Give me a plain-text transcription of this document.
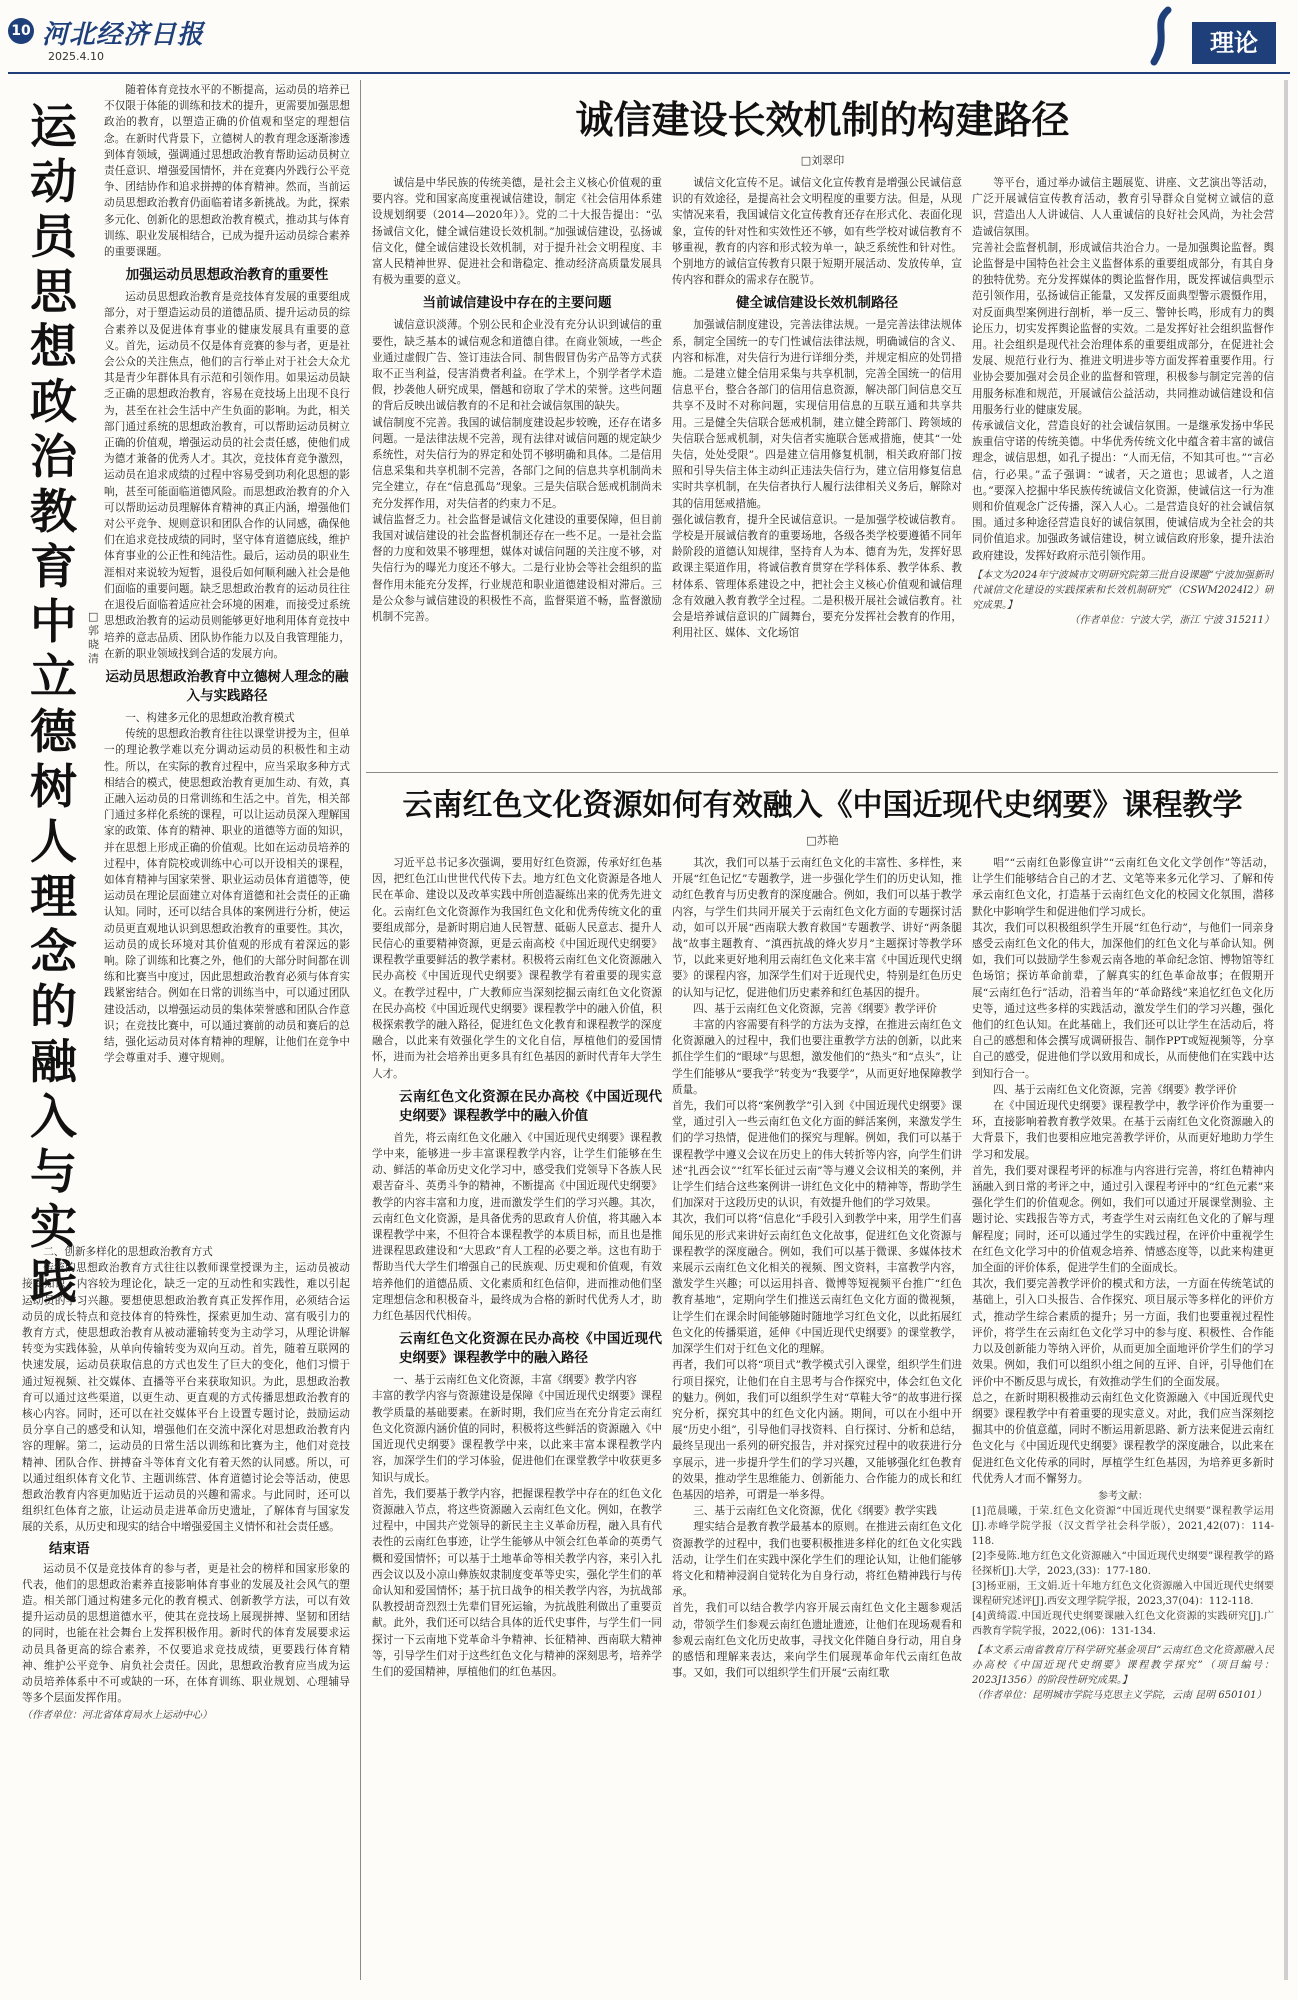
10 河北经济日报
2025.4.10	理论
运动员思想政治教育中立德树人理念的融入与实践
□郭晓清

随着体育竞技水平的不断提高，运动员的培养已不仅限于体能的训练和技术的提升，更需要加强思想政治的教育，以塑造正确的价值观和坚定的理想信念。在新时代背景下，立德树人的教育理念逐渐渗透到体育领域，强调通过思想政治教育帮助运动员树立责任意识、增强爱国情怀，并在竞赛内外践行公平竞争、团结协作和追求拼搏的体育精神。然而，当前运动员思想政治教育仍面临着诸多新挑战。为此，探索多元化、创新化的思想政治教育模式，推动其与体育训练、职业发展相结合，已成为提升运动员综合素养的重要课题。

加强运动员思想政治教育的重要性

运动员思想政治教育是竞技体育发展的重要组成部分，对于塑造运动员的道德品质、提升运动员的综合素养以及促进体育事业的健康发展具有重要的意义。首先，运动员不仅是体育竞赛的参与者，更是社会公众的关注焦点，他们的言行举止对于社会大众尤其是青少年群体具有示范和引领作用。如果运动员缺乏正确的思想政治教育，容易在竞技场上出现不良行为，甚至在社会生活中产生负面的影响。为此，相关部门通过系统的思想政治教育，可以帮助运动员树立正确的价值观，增强运动员的社会责任感，使他们成为德才兼备的优秀人才。其次，竞技体育竞争激烈，运动员在追求成绩的过程中容易受到功利化思想的影响，甚至可能面临道德风险。而思想政治教育的介入可以帮助运动员理解体育精神的真正内涵，增强他们对公平竞争、规则意识和团队合作的认同感，确保他们在追求竞技成绩的同时，坚守体育道德底线，维护体育事业的公正性和纯洁性。最后，运动员的职业生涯相对来说较为短暂，退役后如何顺利融入社会是他们面临的重要问题。缺乏思想政治教育的运动员往往在退役后面临着适应社会环境的困难，而接受过系统思想政治教育的运动员则能够更好地利用体育竞技中培养的意志品质、团队协作能力以及自我管理能力，在新的职业领域找到合适的发展方向。

运动员思想政治教育中立德树人理念的融入与实践路径

一、构建多元化的思想政治教育模式

传统的思想政治教育往往以课堂讲授为主，但单一的理论教学难以充分调动运动员的积极性和主动性。所以，在实际的教育过程中，应当采取多种方式相结合的模式，使思想政治教育更加生动、有效，真正融入运动员的日常训练和生活之中。首先，相关部门通过多样化系统的课程，可以让运动员深入理解国家的政策、体育的精神、职业的道德等方面的知识，并在思想上形成正确的价值观。比如在运动员培养的过程中，体育院校或训练中心可以开设相关的课程，如体育精神与国家荣誉、职业运动员体育道德等，使运动员在理论层面建立对体育道德和社会责任的正确认知。同时，还可以结合具体的案例进行分析，使运动员更直观地认识到思想政治教育的重要性。其次，运动员的成长环境对其价值观的形成有着深远的影响。除了训练和比赛之外，他们的大部分时间都在训练和比赛当中度过，因此思想政治教育必须与体育实践紧密结合。例如在日常的训练当中，可以通过团队建设活动，以增强运动员的集体荣誉感和团队合作意识；在竞技比赛中，可以通过赛前的动员和赛后的总结，强化运动员对体育精神的理解，让他们在竞争中学会尊重对手、遵守规则。

二、创新多样化的思想政治教育方式

传统的思想政治教育方式往往以教师课堂授课为主，运动员被动接受知识，内容较为理论化，缺乏一定的互动性和实践性，难以引起运动员的学习兴趣。要想使思想政治教育真正发挥作用，必须结合运动员的成长特点和竞技体育的特殊性，探索更加生动、富有吸引力的教育方式，使思想政治教育从被动灌输转变为主动学习，从理论讲解转变为实践体验，从单向传输转变为双向互动。首先，随着互联网的快速发展，运动员获取信息的方式也发生了巨大的变化，他们习惯于通过短视频、社交媒体、直播等平台来获取知识。为此，思想政治教育可以通过这些渠道，以更生动、更直观的方式传播思想政治教育的核心内容。同时，还可以在社交媒体平台上设置专题讨论，鼓励运动员分享自己的感受和认知，增强他们在交流中深化对思想政治教育内容的理解。第二，运动员的日常生活以训练和比赛为主，他们对竞技精神、团队合作、拼搏奋斗等体育文化有着天然的认同感。所以，可以通过组织体育文化节、主题训练营、体育道德讨论会等活动，使思想政治教育内容更加贴近于运动员的兴趣和需求。与此同时，还可以组织红色体育之旅，让运动员走进革命历史遗址，了解体育与国家发展的关系，从历史和现实的结合中增强爱国主义情怀和社会责任感。

结束语

运动员不仅是竞技体育的参与者，更是社会的榜样和国家形象的代表，他们的思想政治素养直接影响体育事业的发展及社会风气的塑造。相关部门通过构建多元化的教育模式、创新教学方法，可以有效提升运动员的思想道德水平，使其在竞技场上展现拼搏、坚韧和团结的同时，也能在社会舞台上发挥积极作用。新时代的体育发展要求运动员具备更高的综合素养，不仅要追求竞技成绩，更要践行体育精神、维护公平竞争、肩负社会责任。因此，思想政治教育应当成为运动员培养体系中不可或缺的一环，在体育训练、职业规划、心理辅导等多个层面发挥作用。

（作者单位：河北省体育局水上运动中心）
诚信建设长效机制的构建路径
□刘翠印

诚信是中华民族的传统美德，是社会主义核心价值观的重要内容。党和国家高度重视诚信建设，制定《社会信用体系建设规划纲要（2014—2020年）》。党的二十大报告提出：“弘扬诚信文化，健全诚信建设长效机制。”加强诚信建设，弘扬诚信文化，健全诚信建设长效机制，对于提升社会文明程度、丰富人民精神世界、促进社会和谐稳定、推动经济高质量发展具有极为重要的意义。

当前诚信建设中存在的主要问题

诚信意识淡薄。个别公民和企业没有充分认识到诚信的重要性，缺乏基本的诚信观念和道德自律。在商业领域，一些企业通过虚假广告、签订违法合同、制售假冒伪劣产品等方式获取不正当利益，侵害消费者利益。在学术上，个别学者学术造假，抄袭他人研究成果，僭越和窃取了学术的荣誉。这些问题的背后反映出诚信教育的不足和社会诚信氛围的缺失。
诚信制度不完善。我国的诚信制度建设起步较晚，还存在诸多问题。一是法律法规不完善，现有法律对诚信问题的规定缺少系统性，对失信行为的界定和处罚不够明确和具体。二是信用信息采集和共享机制不完善，各部门之间的信息共享机制尚未完全建立，存在“信息孤岛”现象。三是失信联合惩戒机制尚未充分发挥作用，对失信者的约束力不足。
诚信监督乏力。社会监督是诚信文化建设的重要保障，但目前我国对诚信建设的社会监督机制还存在一些不足。一是社会监督的力度和效果不够理想，媒体对诚信问题的关注度不够，对失信行为的曝光力度还不够大。二是行业协会等社会组织的监督作用未能充分发挥，行业规范和职业道德建设相对滞后。三是公众参与诚信建设的积极性不高，监督渠道不畅，监督激励机制不完善。

诚信文化宣传不足。诚信文化宣传教育是增强公民诚信意识的有效途径，是提高社会文明程度的重要方法。但是，从现实情况来看，我国诚信文化宣传教育还存在形式化、表面化现象，宣传的针对性和实效性还不够，如有些学校对诚信教育不够重视，教育的内容和形式较为单一，缺乏系统性和针对性。个别地方的诚信宣传教育只限于短期开展活动、发放传单，宣传内容和群众的需求存在脱节。

健全诚信建设长效机制路径

加强诚信制度建设，完善法律法规。一是完善法律法规体系，制定全国统一的专门性诚信法律法规，明确诚信的含义、内容和标准，对失信行为进行详细分类，并规定相应的处罚措施。二是建立健全信用采集与共享机制，完善全国统一的信用信息平台，整合各部门的信用信息资源，解决部门间信息交互共享不及时不对称问题，实现信用信息的互联互通和共享共用。三是健全失信联合惩戒机制，建立健全跨部门、跨领域的失信联合惩戒机制，对失信者实施联合惩戒措施，使其“一处失信，处处受限”。四是建立信用修复机制，相关政府部门按照和引导失信主体主动纠正违法失信行为，建立信用修复信息实时共享机制，在失信者执行人履行法律相关义务后，解除对其的信用惩戒措施。
强化诚信教育，提升全民诚信意识。一是加强学校诚信教育。学校是开展诚信教育的重要场地，各级各类学校要遵循不同年龄阶段的道德认知规律，坚持育人为本、德育为先，发挥好思政课主渠道作用，将诚信教育贯穿在学科体系、教学体系、教材体系、管理体系建设之中，把社会主义核心价值观和诚信理念有效融入教育教学全过程。二是积极开展社会诚信教育。社会是培养诚信意识的广阔舞台，要充分发挥社会教育的作用，利用社区、媒体、文化场馆

等平台，通过举办诚信主题展览、讲座、文艺演出等活动，广泛开展诚信宣传教育活动，教育引导群众自觉树立诚信的意识，营造出人人讲诚信、人人重诚信的良好社会风尚，为社会营造诚信氛围。
完善社会监督机制，形成诚信共治合力。一是加强舆论监督。舆论监督是中国特色社会主义监督体系的重要组成部分，有其自身的独特优势。充分发挥媒体的舆论监督作用，既发挥诚信典型示范引领作用，弘扬诚信正能量，又发挥反面典型警示震慑作用，对反面典型案例进行剖析，举一反三、警钟长鸣，形成有力的舆论压力，切实发挥舆论监督的实效。二是发挥好社会组织监督作用。社会组织是现代社会治理体系的重要组成部分，在促进社会发展、规范行业行为、推进文明进步等方面发挥着重要作用。行业协会要加强对会员企业的监督和管理，积极参与制定完善的信用服务标准和规范，开展诚信公益活动，共同推动诚信建设和信用服务行业的健康发展。
传承诚信文化，营造良好的社会诚信氛围。一是继承发扬中华民族重信守诺的传统美德。中华优秀传统文化中蕴含着丰富的诚信理念，诚信思想，如孔子提出：“人而无信，不知其可也。”“言必信，行必果。”孟子强调：“诚者，天之道也；思诚者，人之道也。”要深入挖掘中华民族传统诚信文化资源，使诚信这一行为准则和价值观念广泛传播，深入人心。二是营造良好的社会诚信氛围。通过多种途径营造良好的诚信氛围，使诚信成为全社会的共同价值追求。加强政务诚信建设，树立诚信政府形象，提升法治政府建设，发挥好政府示范引领作用。

【本文为2024年宁波城市文明研究院第三批自设课题“宁波加强新时代诚信文化建设的实践探索和长效机制研究”（CSWM2024I2）研究成果。】
（作者单位：宁波大学，浙江 宁波 315211）
云南红色文化资源如何有效融入《中国近现代史纲要》课程教学
□苏艳

习近平总书记多次强调，要用好红色资源，传承好红色基因，把红色江山世世代代传下去。地方红色文化资源是各地人民在革命、建设以及改革实践中所创造凝练出来的优秀先进文化。云南红色文化资源作为我国红色文化和优秀传统文化的重要组成部分，是新时期启迪人民智慧、砥砺人民意志、提升人民信心的重要精神资源，更是云南高校《中国近现代史纲要》课程教学重要鲜活的教学素材。积极将云南红色文化资源融入民办高校《中国近现代史纲要》课程教学有着重要的现实意义。在教学过程中，广大教师应当深刻挖掘云南红色文化资源在民办高校《中国近现代史纲要》课程教学中的融入价值，积极探索教学的融入路径，促进红色文化教育和课程教学的深度融合，以此来有效强化学生的文化自信，厚植他们的爱国情怀，进而为社会培养出更多具有红色基因的新时代青年大学生人才。

云南红色文化资源在民办高校《中国近现代史纲要》课程教学中的融入价值

首先，将云南红色文化融入《中国近现代史纲要》课程教学中来，能够进一步丰富课程教学内容，让学生们能够在生动、鲜活的革命历史文化学习中，感受我们党领导下各族人民艰苦奋斗、英勇斗争的精神，不断提高《中国近现代史纲要》教学的内容丰富和力度，进而激发学生们的学习兴趣。其次，云南红色文化资源，是具备优秀的思政育人价值，将其融入本课程教学中来，不但符合本课程教学的本质目标，而且也是推进课程思政建设和“大思政”育人工程的必要之举。这也有助于帮助当代大学生们增强自己的民族观、历史观和价值观，有效培养他们的道德品质、文化素质和红色信仰，进而推动他们坚定理想信念和积极奋斗，最终成为合格的新时代优秀人才，助力红色基因代代相传。

云南红色文化资源在民办高校《中国近现代史纲要》课程教学中的融入路径

一、基于云南红色文化资源，丰富《纲要》教学内容
丰富的教学内容与资源建设是保障《中国近现代史纲要》课程教学质量的基础要素。在新时期，我们应当在充分肯定云南红色文化资源内涵价值的同时，积极将这些鲜活的资源融入《中国近现代史纲要》课程教学中来，以此来丰富本课程教学内容，加深学生们的学习体验，促进他们在课堂教学中收获更多知识与成长。
首先，我们要基于教学内容，把握课程教学中存在的红色文化资源融入节点，将这些资源融入云南红色文化。例如，在教学过程中，中国共产党领导的新民主主义革命历程，融入具有代表性的云南红色事迹，让学生能够从中领会红色革命的英勇气概和爱国情怀；可以基于土地革命等相关教学内容，来引入扎西会议以及小凉山彝族奴隶制度变革等史实，强化学生们的革命认知和爱国情怀；基于抗日战争的相关教学内容，为抗战部队教授胡奇烈烈士先辈们冒死运输，为抗战胜利做出了重要贡献。此外，我们还可以结合具体的近代史事件，与学生们一同探讨一下云南地下党革命斗争精神、长征精神、西南联大精神等，引导学生们对于这些红色文化与精神的深刻思考，培养学生们的爱国精神，厚植他们的红色基因。

其次，我们可以基于云南红色文化的丰富性、多样性，来开展“红色记忆”专题教学，进一步强化学生们的历史认知，推动红色教育与历史教育的深度融合。例如，我们可以基于教学内容，与学生们共同开展关于云南红色文化方面的专题探讨活动，如可以开展“西南联大教育救国”专题教学、讲好“两条腿战”故事主题教育、“滇西抗战的烽火岁月”主题探讨等教学环节，以此来更好地利用云南红色文化来丰富《中国近现代史纲要》的课程内容，加深学生们对于近现代史，特别是红色历史的认知与记忆，促进他们历史素养和红色基因的提升。

四、基于云南红色文化资源，完善《纲要》教学评价

丰富的内容需要有科学的方法为支撑，在推进云南红色文化资源融入的过程中，我们也要注重教学方法的创新，以此来抓住学生们的“眼球”与思想，激发他们的“热头”和“点头”，让学生们能够从“要我学”转变为“我要学”，从而更好地保障教学质量。
首先，我们可以将“案例教学”引入到《中国近现代史纲要》课堂，通过引入一些云南红色文化方面的鲜活案例，来激发学生们的学习热情，促进他们的探究与理解。例如，我们可以基于课程教学中遵义会议在历史上的伟大转折等内容，向学生们讲述“扎西会议”“红军长征过云南”等与遵义会议相关的案例，并让学生们结合这些案例讲一讲红色文化中的精神等，帮助学生们加深对于这段历史的认识，有效提升他们的学习效果。
其次，我们可以将“信息化”手段引入到教学中来，用学生们喜闻乐见的形式来讲好云南红色文化故事，促进红色文化资源与课程教学的深度融合。例如，我们可以基于微课、多媒体技术来展示云南红色文化相关的视频、图文资料，丰富教学内容，激发学生兴趣；可以运用抖音、微博等短视频平台推广“红色教育基地”，定期向学生们推送云南红色文化方面的微视频，让学生们在课余时间能够随时随地学习红色文化，以此拓展红色文化的传播渠道，延伸《中国近现代史纲要》的课堂教学，加深学生们对于红色文化的理解。
再者，我们可以将“项目式”教学模式引入课堂，组织学生们进行项目探究，让他们在自主思考与合作探究中，体会红色文化的魅力。例如，我们可以组织学生对“草鞋大爷”的故事进行探究分析，探究其中的红色文化内涵。期间，可以在小组中开展“历史小组”，引导他们寻找资料、自行探讨、分析和总结，最终呈现出一系列的研究报告，并对探究过程中的收获进行分享展示，进一步提升学生们的学习兴趣，又能够强化红色教育的效果，推动学生思维能力、创新能力、合作能力的成长和红色基因的培养，可谓是一举多得。

三、基于云南红色文化资源，优化《纲要》教学实践

理实结合是教育教学最基本的原则。在推进云南红色文化资源教学的过程中，我们也要积极推进多样化的红色文化实践活动，让学生们在实践中深化学生们的理论认知，让他们能够将文化和精神浸润自觉转化为自身行动，将红色精神践行与传承。
首先，我们可以结合教学内容开展云南红色文化主题参观活动，带领学生们参观云南红色遗址遗迹，让他们在现场观看和参观云南红色文化历史故事，寻找文化伴随自身行动，用自身的感悟和理解来表达，来向学生们展现革命年代云南红色故事。又如，我们可以组织学生们开展“云南红歌

唱”“云南红色影像宣讲”“云南红色文化文学创作”等活动，让学生们能够结合自己的才艺、文笔等来多元化学习、了解和传承云南红色文化，打造基于云南红色文化的校园文化氛围，潜移默化中影响学生和促进他们学习成长。
其次，我们可以积极组织学生开展“红色行动”，与他们一同亲身感受云南红色文化的伟大，加深他们的红色文化与革命认知。例如，我们可以鼓励学生参观云南各地的革命纪念馆、博物馆等红色场馆；探访革命前辈，了解真实的红色革命故事；在假期开展“云南红色行”活动，沿着当年的“革命路线”来追忆红色文化历史等，通过这些多样的实践活动，激发学生们的学习兴趣，强化他们的红色认知。在此基础上，我们还可以让学生在活动后，将自己的感想和体会撰写成调研报告、制作PPT或短视频等，分享自己的感受，促进他们学以致用和成长，从而使他们在实践中达到知行合一。

四、基于云南红色文化资源，完善《纲要》教学评价

在《中国近现代史纲要》课程教学中，教学评价作为重要一环，直接影响着教育教学效果。在基于云南红色文化资源融入的大背景下，我们也要相应地完善教学评价，从而更好地助力学生学习和发展。
首先，我们要对课程考评的标准与内容进行完善，将红色精神内涵融入到日常的考评之中，通过引入课程考评中的“红色元素”来强化学生们的价值观念。例如，我们可以通过开展课堂测验、主题讨论、实践报告等方式，考查学生对云南红色文化的了解与理解程度；同时，还可以通过学生的实践过程，在评价中重视学生在红色文化学习中的价值观念培养、情感态度等，以此来构建更加全面的评价体系，促进学生们的全面成长。
其次，我们要完善教学评价的模式和方法，一方面在传统笔试的基础上，引入口头报告、合作探究、项目展示等多样化的评价方式，推动学生综合素质的提升；另一方面，我们也要重视过程性评价，将学生在云南红色文化学习中的参与度、积极性、合作能力以及创新能力等纳入评价，从而更加全面地评价学生们的学习效果。例如，我们可以组织小组之间的互评、自评，引导他们在评价中不断反思与成长，有效推动学生们的全面发展。
总之，在新时期积极推动云南红色文化资源融入《中国近现代史纲要》课程教学中有着重要的现实意义。对此，我们应当深刻挖掘其中的价值意蕴，同时不断运用新思路、新方法来促进云南红色文化与《中国近现代史纲要》课程教学的深度融合，以此来在促进红色文化传承的同时，厚植学生红色基因，为培养更多新时代优秀人才而不懈努力。

参考文献：
[1]范晨曦，于荣.红色文化资源“中国近现代史纲要”课程教学运用[J].赤峰学院学报（汉文哲学社会科学版），2021,42(07)：114-118.
[2]李曼陈.地方红色文化资源融入“中国近现代史纲要”课程教学的路径探析[J].大学，2023,(33)：177-180.
[3]杨亚丽，王文娟.近十年地方红色文化资源融入中国近现代史纲要课程研究述评[J].西安文理学院学报，2023,37(04)：112-118.
[4]黄绮霞.中国近现代史纲要课融入红色文化资源的实践研究[J].广西教育学院学报，2022,(06)：131-134.
【本文系云南省教育厅科学研究基金项目“云南红色文化资源融入民办高校《中国近现代史纲要》课程教学探究”（项目编号：2023J1356）的阶段性研究成果。】
（作者单位：昆明城市学院马克思主义学院，云南 昆明 650101）
